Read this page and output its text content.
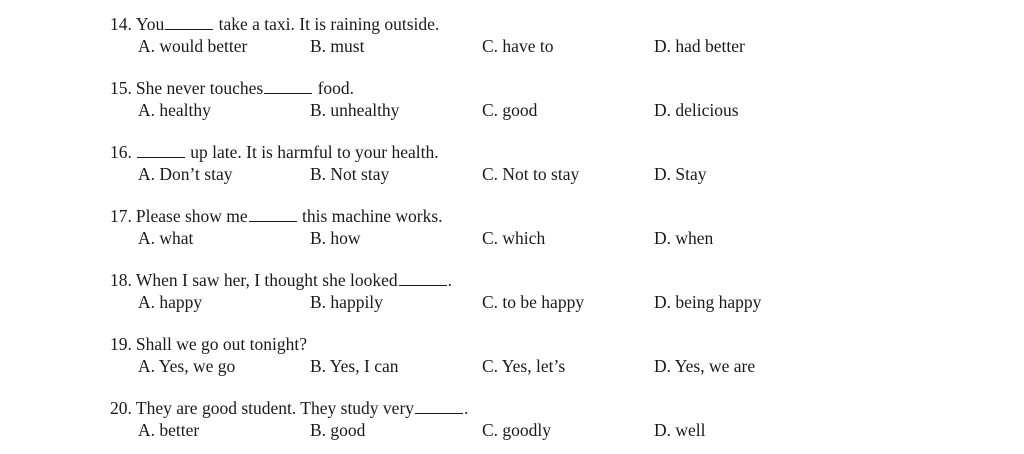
14. You	take a taxi. It is raining outside.
A. would better	B. must	C. have to	D. had better
15. She never touches	food.
A. healthy	B. unhealthy	C. good	D. delicious
16.	up late. It is harmful to your health.
A. Don’t stay	B. Not stay	C. Not to stay	D. Stay
17. Please show me	this machine works.
A. what	B. how	C. which	D. when
18. When I saw her, I thought she looked	.
A. happy	B. happily	C. to be happy	D. being happy
19. Shall we go out tonight?
A. Yes, we go	B. Yes, I can	C. Yes, let’s	D. Yes, we are
20. They are good student. They study very	.
A. better	B. good	C. goodly	D. well
